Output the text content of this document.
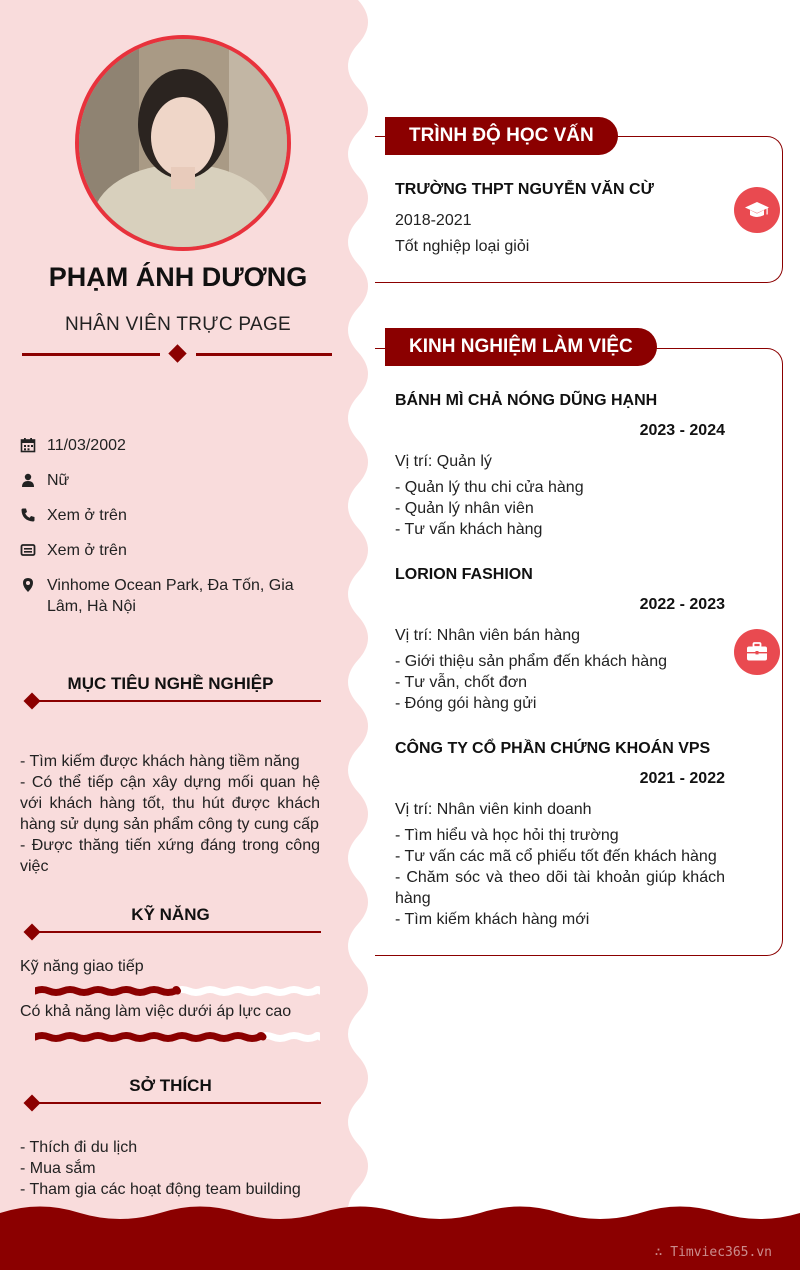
PHẠM ÁNH DƯƠNG
NHÂN VIÊN TRỰC PAGE
11/03/2002
Nữ
Xem ở trên
Xem ở trên
Vinhome Ocean Park, Đa Tốn, Gia Lâm, Hà Nội
MỤC TIÊU NGHỀ NGHIỆP
- Tìm kiếm được khách hàng tiềm năng
- Có thể tiếp cận xây dựng mối quan hệ với khách hàng tốt, thu hút được khách hàng sử dụng sản phẩm công ty cung cấp
- Được thăng tiến xứng đáng trong công việc
KỸ NĂNG
Kỹ năng giao tiếp
Có khả năng làm việc dưới áp lực cao
SỞ THÍCH
- Thích đi du lịch
- Mua sắm
- Tham gia các hoạt động team building
TRÌNH ĐỘ HỌC VẤN
TRƯỜNG THPT NGUYỄN VĂN CỪ
2018-2021
Tốt nghiệp loại giỏi
KINH NGHIỆM LÀM VIỆC
BÁNH MÌ CHẢ NÓNG DŨNG HẠNH
2023 - 2024
Vị trí: Quản lý
- Quản lý thu chi cửa hàng
- Quản lý nhân viên
- Tư vấn khách hàng
LORION FASHION
2022 - 2023
Vị trí: Nhân viên bán hàng
- Giới thiệu sản phẩm đến khách hàng
- Tư vẫn, chốt đơn
- Đóng gói hàng gửi
CÔNG TY CỔ PHẦN CHỨNG KHOÁN VPS
2021 - 2022
Vị trí: Nhân viên kinh doanh
- Tìm hiểu và học hỏi thị trường
- Tư vấn các mã cổ phiếu tốt đến khách hàng
- Chăm sóc và theo dõi tài khoản giúp khách hàng
- Tìm kiếm khách hàng mới
∴ Timviec365.vn
